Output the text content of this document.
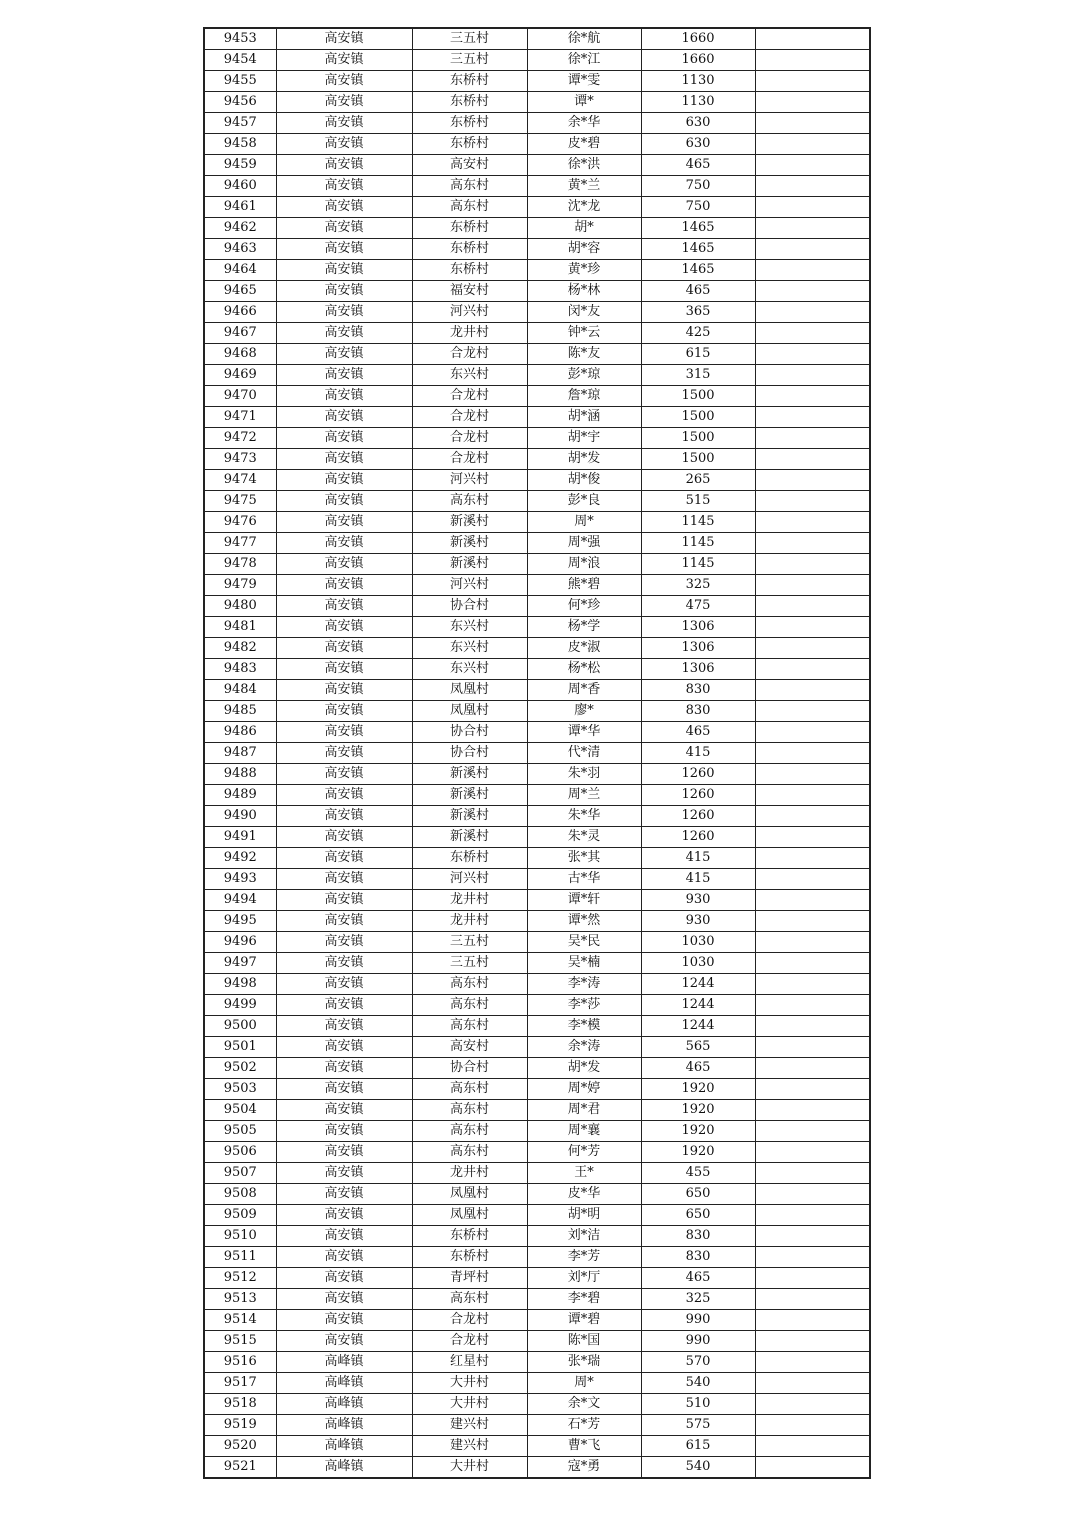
9453	高安镇	三五村	徐*航	1660	
9454	高安镇	三五村	徐*江	1660	
9455	高安镇	东桥村	谭*雯	1130	
9456	高安镇	东桥村	谭*	1130	
9457	高安镇	东桥村	余*华	630	
9458	高安镇	东桥村	皮*碧	630	
9459	高安镇	高安村	徐*洪	465	
9460	高安镇	高东村	黄*兰	750	
9461	高安镇	高东村	沈*龙	750	
9462	高安镇	东桥村	胡*	1465	
9463	高安镇	东桥村	胡*容	1465	
9464	高安镇	东桥村	黄*珍	1465	
9465	高安镇	福安村	杨*林	465	
9466	高安镇	河兴村	闵*友	365	
9467	高安镇	龙井村	钟*云	425	
9468	高安镇	合龙村	陈*友	615	
9469	高安镇	东兴村	彭*琼	315	
9470	高安镇	合龙村	詹*琼	1500	
9471	高安镇	合龙村	胡*涵	1500	
9472	高安镇	合龙村	胡*宇	1500	
9473	高安镇	合龙村	胡*发	1500	
9474	高安镇	河兴村	胡*俊	265	
9475	高安镇	高东村	彭*良	515	
9476	高安镇	新溪村	周*	1145	
9477	高安镇	新溪村	周*强	1145	
9478	高安镇	新溪村	周*浪	1145	
9479	高安镇	河兴村	熊*碧	325	
9480	高安镇	协合村	何*珍	475	
9481	高安镇	东兴村	杨*学	1306	
9482	高安镇	东兴村	皮*淑	1306	
9483	高安镇	东兴村	杨*松	1306	
9484	高安镇	凤凰村	周*香	830	
9485	高安镇	凤凰村	廖*	830	
9486	高安镇	协合村	谭*华	465	
9487	高安镇	协合村	代*清	415	
9488	高安镇	新溪村	朱*羽	1260	
9489	高安镇	新溪村	周*兰	1260	
9490	高安镇	新溪村	朱*华	1260	
9491	高安镇	新溪村	朱*灵	1260	
9492	高安镇	东桥村	张*其	415	
9493	高安镇	河兴村	古*华	415	
9494	高安镇	龙井村	谭*轩	930	
9495	高安镇	龙井村	谭*然	930	
9496	高安镇	三五村	吴*民	1030	
9497	高安镇	三五村	吴*楠	1030	
9498	高安镇	高东村	李*涛	1244	
9499	高安镇	高东村	李*莎	1244	
9500	高安镇	高东村	李*模	1244	
9501	高安镇	高安村	余*涛	565	
9502	高安镇	协合村	胡*发	465	
9503	高安镇	高东村	周*婷	1920	
9504	高安镇	高东村	周*君	1920	
9505	高安镇	高东村	周*襄	1920	
9506	高安镇	高东村	何*芳	1920	
9507	高安镇	龙井村	王*	455	
9508	高安镇	凤凰村	皮*华	650	
9509	高安镇	凤凰村	胡*明	650	
9510	高安镇	东桥村	刘*洁	830	
9511	高安镇	东桥村	李*芳	830	
9512	高安镇	青坪村	刘*厅	465	
9513	高安镇	高东村	李*碧	325	
9514	高安镇	合龙村	谭*碧	990	
9515	高安镇	合龙村	陈*国	990	
9516	高峰镇	红星村	张*瑞	570	
9517	高峰镇	大井村	周*	540	
9518	高峰镇	大井村	余*文	510	
9519	高峰镇	建兴村	石*芳	575	
9520	高峰镇	建兴村	曹*飞	615	
9521	高峰镇	大井村	寇*勇	540	
